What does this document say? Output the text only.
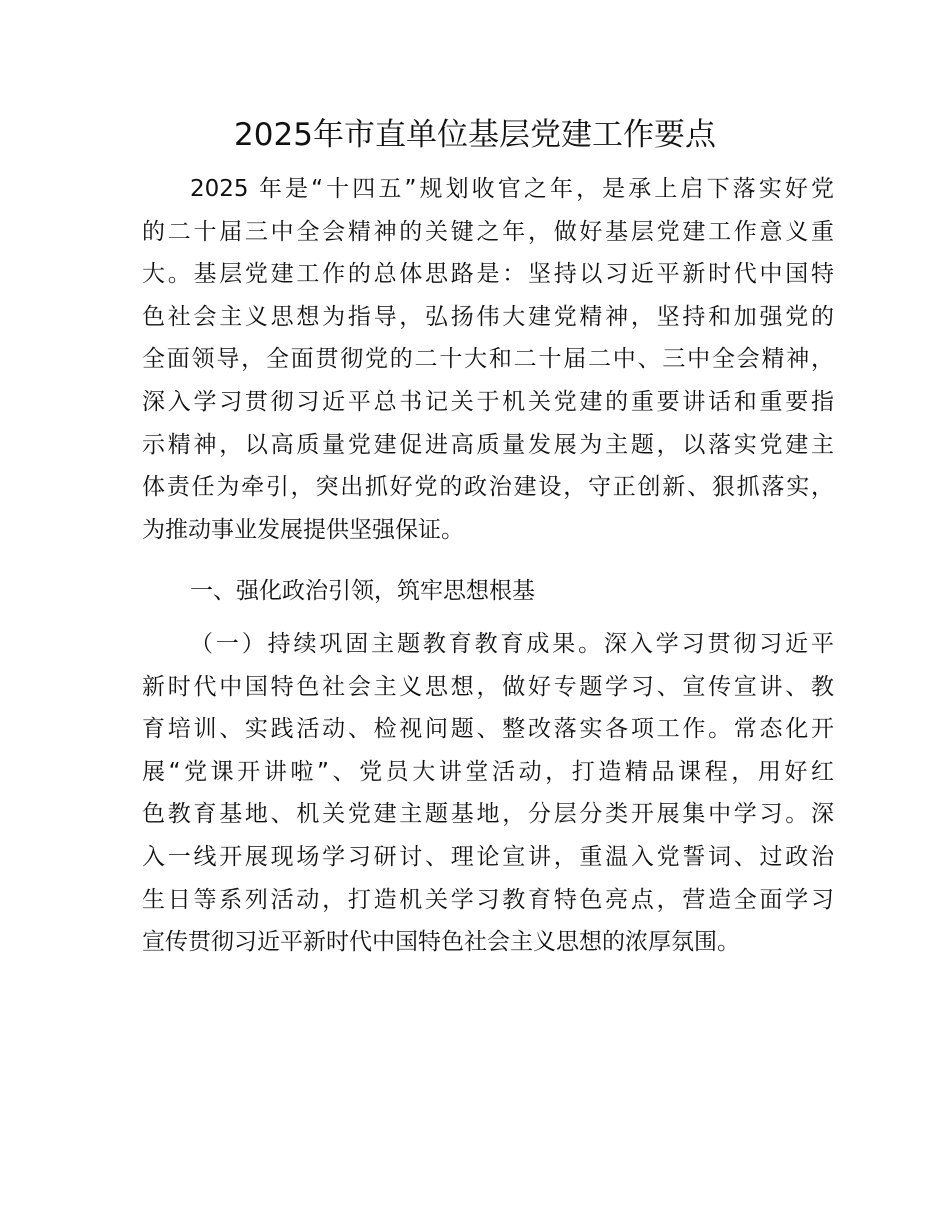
2025年市直单位基层党建工作要点
2025 年是“十四五”规划收官之年，是承上启下落实好党
的二十届三中全会精神的关键之年，做好基层党建工作意义重
大。基层党建工作的总体思路是：坚持以习近平新时代中国特
色社会主义思想为指导，弘扬伟大建党精神，坚持和加强党的
全面领导，全面贯彻党的二十大和二十届二中、三中全会精神，
深入学习贯彻习近平总书记关于机关党建的重要讲话和重要指
示精神，以高质量党建促进高质量发展为主题，以落实党建主
体责任为牵引，突出抓好党的政治建设，守正创新、狠抓落实，
为推动事业发展提供坚强保证。
一、强化政治引领，筑牢思想根基
（一）持续巩固主题教育教育成果。深入学习贯彻习近平
新时代中国特色社会主义思想，做好专题学习、宣传宣讲、教
育培训、实践活动、检视问题、整改落实各项工作。常态化开
展“党课开讲啦”、党员大讲堂活动，打造精品课程，用好红
色教育基地、机关党建主题基地，分层分类开展集中学习。深
入一线开展现场学习研讨、理论宣讲，重温入党誓词、过政治
生日等系列活动，打造机关学习教育特色亮点，营造全面学习
宣传贯彻习近平新时代中国特色社会主义思想的浓厚氛围。
